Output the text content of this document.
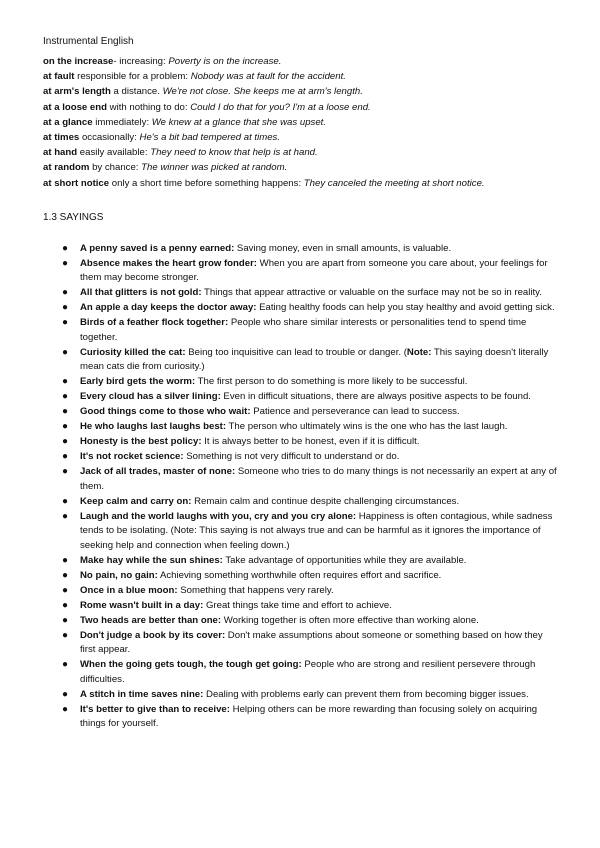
Instrumental English
on the increase- increasing: Poverty is on the increase.
at fault responsible for a problem: Nobody was at fault for the accident.
at arm's length a distance. We're not close. She keeps me at arm's length.
at a loose end with nothing to do: Could I do that for you? I'm at a loose end.
at a glance immediately: We knew at a glance that she was upset.
at times occasionally: He's a bit bad tempered at times.
at hand easily available: They need to know that help is at hand.
at random by chance: The winner was picked at random.
at short notice only a short time before something happens: They canceled the meeting at short notice.
1.3 SAYINGS
● A penny saved is a penny earned: Saving money, even in small amounts, is valuable.
● Absence makes the heart grow fonder: When you are apart from someone you care about, your feelings for them may become stronger.
● All that glitters is not gold: Things that appear attractive or valuable on the surface may not be so in reality.
● An apple a day keeps the doctor away: Eating healthy foods can help you stay healthy and avoid getting sick.
● Birds of a feather flock together: People who share similar interests or personalities tend to spend time together.
● Curiosity killed the cat: Being too inquisitive can lead to trouble or danger. (Note: This saying doesn't literally mean cats die from curiosity.)
● Early bird gets the worm: The first person to do something is more likely to be successful.
● Every cloud has a silver lining: Even in difficult situations, there are always positive aspects to be found.
● Good things come to those who wait: Patience and perseverance can lead to success.
● He who laughs last laughs best: The person who ultimately wins is the one who has the last laugh.
● Honesty is the best policy: It is always better to be honest, even if it is difficult.
● It's not rocket science: Something is not very difficult to understand or do.
● Jack of all trades, master of none: Someone who tries to do many things is not necessarily an expert at any of them.
● Keep calm and carry on: Remain calm and continue despite challenging circumstances.
● Laugh and the world laughs with you, cry and you cry alone: Happiness is often contagious, while sadness tends to be isolating. (Note: This saying is not always true and can be harmful as it ignores the importance of seeking help and connection when feeling down.)
● Make hay while the sun shines: Take advantage of opportunities while they are available.
● No pain, no gain: Achieving something worthwhile often requires effort and sacrifice.
● Once in a blue moon: Something that happens very rarely.
● Rome wasn't built in a day: Great things take time and effort to achieve.
● Two heads are better than one: Working together is often more effective than working alone.
● Don't judge a book by its cover: Don't make assumptions about someone or something based on how they first appear.
● When the going gets tough, the tough get going: People who are strong and resilient persevere through difficulties.
● A stitch in time saves nine: Dealing with problems early can prevent them from becoming bigger issues.
● It's better to give than to receive: Helping others can be more rewarding than focusing solely on acquiring things for yourself.
